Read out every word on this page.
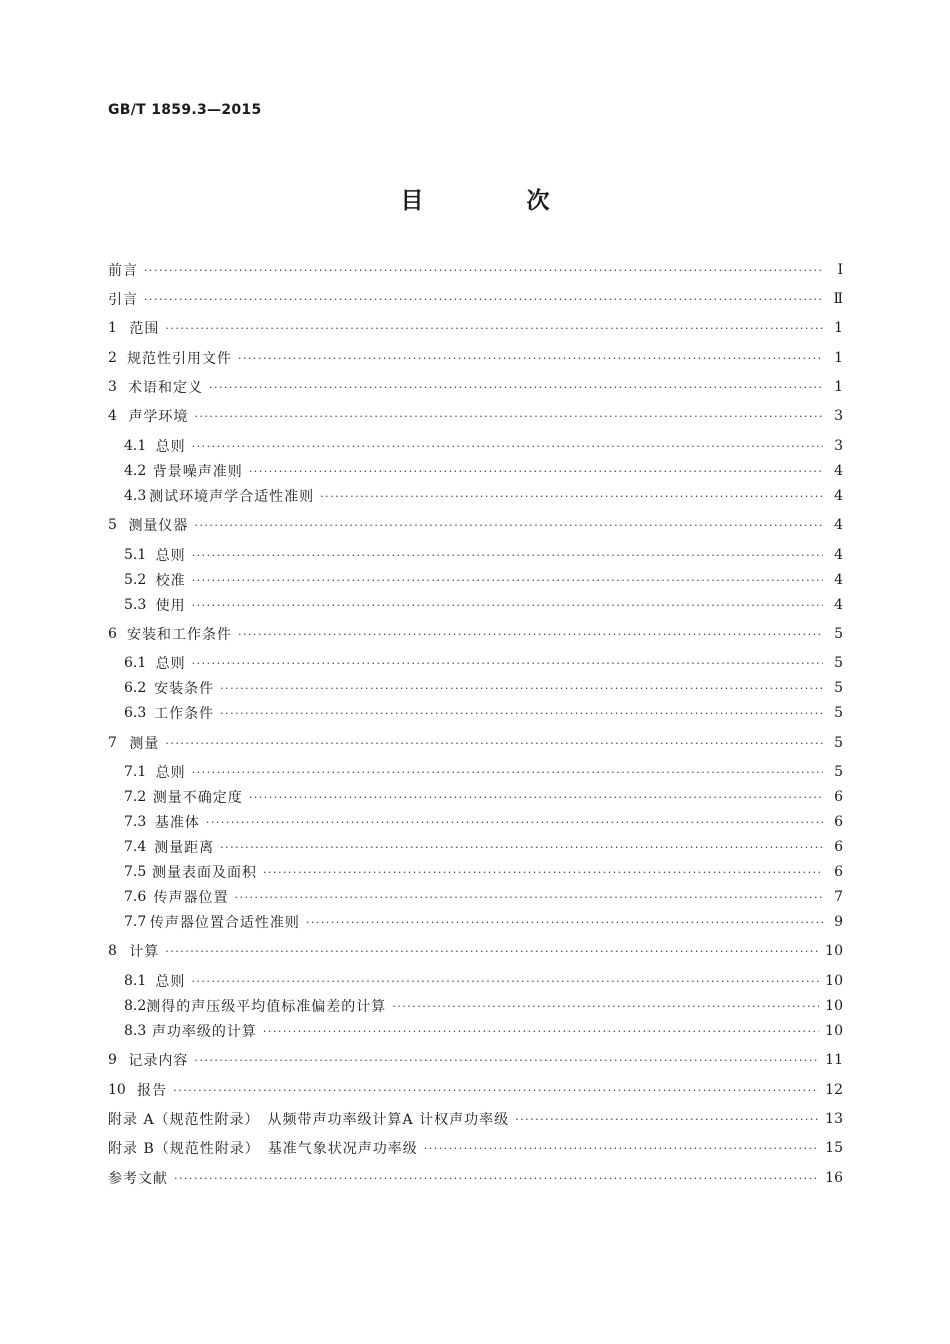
GB/T 1859.3—2015
目　次
前言 ·····	Ⅰ
引言 ·····	Ⅱ
1 范围 ·····	1
2 规范性引用文件 ·····	1
3 术语和定义 ·····	1
4 声学环境 ·····	3
4.1 总则 ·····	3
4.2 背景噪声准则 ·····	4
4.3 测试环境声学合适性准则 ·····	4
5 测量仪器 ·····	4
5.1 总则 ·····	4
5.2 校准 ·····	4
5.3 使用 ·····	4
6 安装和工作条件 ·····	5
6.1 总则 ·····	5
6.2 安装条件 ·····	5
6.3 工作条件 ·····	5
7 测量 ·····	5
7.1 总则 ·····	5
7.2 测量不确定度 ·····	6
7.3 基准体 ·····	6
7.4 测量距离 ·····	6
7.5 测量表面及面积 ·····	6
7.6 传声器位置 ·····	7
7.7 传声器位置合适性准则 ·····	9
8 计算 ·····	10
8.1 总则 ·····	10
8.2 测得的声压级平均值标准偏差的计算 ·····	10
8.3 声功率级的计算 ·····	10
9 记录内容 ·····	11
10 报告 ·····	12
附录 A（规范性附录）　从频带声功率级计算A 计权声功率级 ·····	13
附录 B（规范性附录）　基准气象状况声功率级 ·····	15
参考文献 ·····	16
